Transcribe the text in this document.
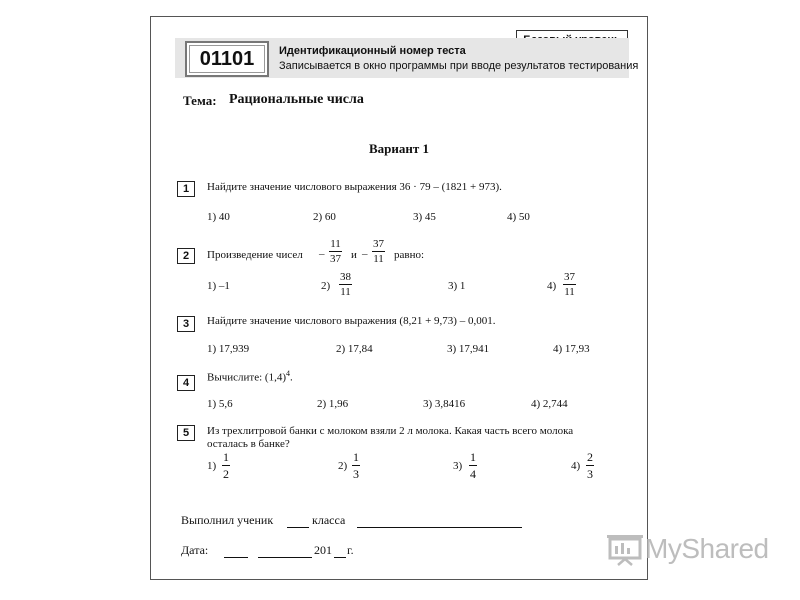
01101	Идентификационный номер теста
Записывается в окно программы при вводе результатов тестирования
Тема: Рациональные числа
Вариант 1
1	Найдите значение числового выражения 36 · 79 – (1821 + 973).
1) 40	2) 60	3) 45	4) 50
2	Произведение чисел –
11
37 и –
37
11 равно:
1) –1	2)
38
11	3) 1	4)
37
11
3	Найдите значение числового выражения (8,21 + 9,73) – 0,001.
1) 17,939	2) 17,84	3) 17,941	4) 17,93
4	Вычислите: $(1,4)^4$.
1) 5,6	2) 1,96	3) 3,8416	4) 2,744
5	Из трехлитровой банки с молоком взяли 2 л молока. Какая часть всего молока
осталась в банке?
1)
1
2
2)
1
3
3)
1
4
4)
2
3
Выполнил ученик	класса
Дата:	201 г.	MyShared
